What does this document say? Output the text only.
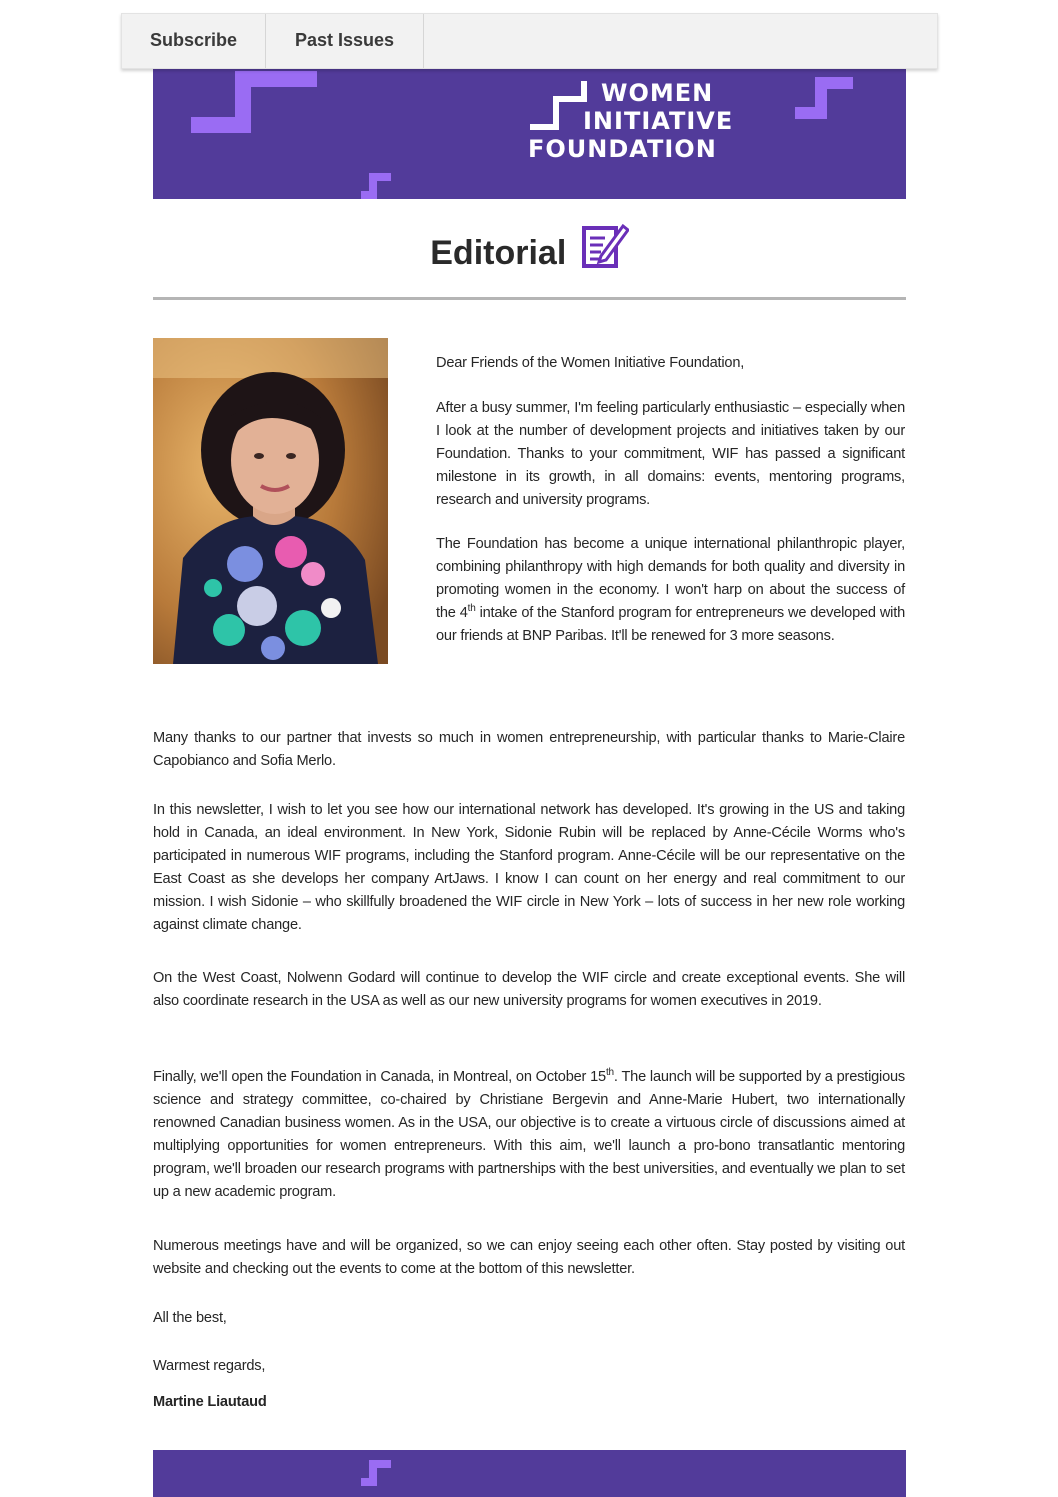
Subscribe	Past Issues
WOMEN
INITIATIVE
FOUNDATION
Editorial

Dear Friends of the Women Initiative Foundation,

After a busy summer, I'm feeling particularly enthusiastic – especially when I look at the number of development projects and initiatives taken by our Foundation. Thanks to your commitment, WIF has passed a significant milestone in its growth, in all domains: events, mentoring programs, research and university programs.

The Foundation has become a unique international philanthropic player, combining philanthropy with high demands for both quality and diversity in promoting women in the economy. I won't harp on about the success of the 4th intake of the Stanford program for entrepreneurs we developed with our friends at BNP Paribas. It'll be renewed for 3 more seasons.

Many thanks to our partner that invests so much in women entrepreneurship, with particular thanks to Marie-Claire Capobianco and Sofia Merlo.

In this newsletter, I wish to let you see how our international network has developed. It's growing in the US and taking hold in Canada, an ideal environment. In New York, Sidonie Rubin will be replaced by Anne-Cécile Worms who's participated in numerous WIF programs, including the Stanford program. Anne-Cécile will be our representative on the East Coast as she develops her company ArtJaws. I know I can count on her energy and real commitment to our mission. I wish Sidonie – who skillfully broadened the WIF circle in New York – lots of success in her new role working against climate change.

On the West Coast, Nolwenn Godard will continue to develop the WIF circle and create exceptional events. She will also coordinate research in the USA as well as our new university programs for women executives in 2019.

Finally, we'll open the Foundation in Canada, in Montreal, on October 15th. The launch will be supported by a prestigious science and strategy committee, co-chaired by Christiane Bergevin and Anne-Marie Hubert, two internationally renowned Canadian business women. As in the USA, our objective is to create a virtuous circle of discussions aimed at multiplying opportunities for women entrepreneurs. With this aim, we'll launch a pro-bono transatlantic mentoring program, we'll broaden our research programs with partnerships with the best universities, and eventually we plan to set up a new academic program.

Numerous meetings have and will be organized, so we can enjoy seeing each other often. Stay posted by visiting out website and checking out the events to come at the bottom of this newsletter.

All the best,

Warmest regards,

Martine Liautaud
